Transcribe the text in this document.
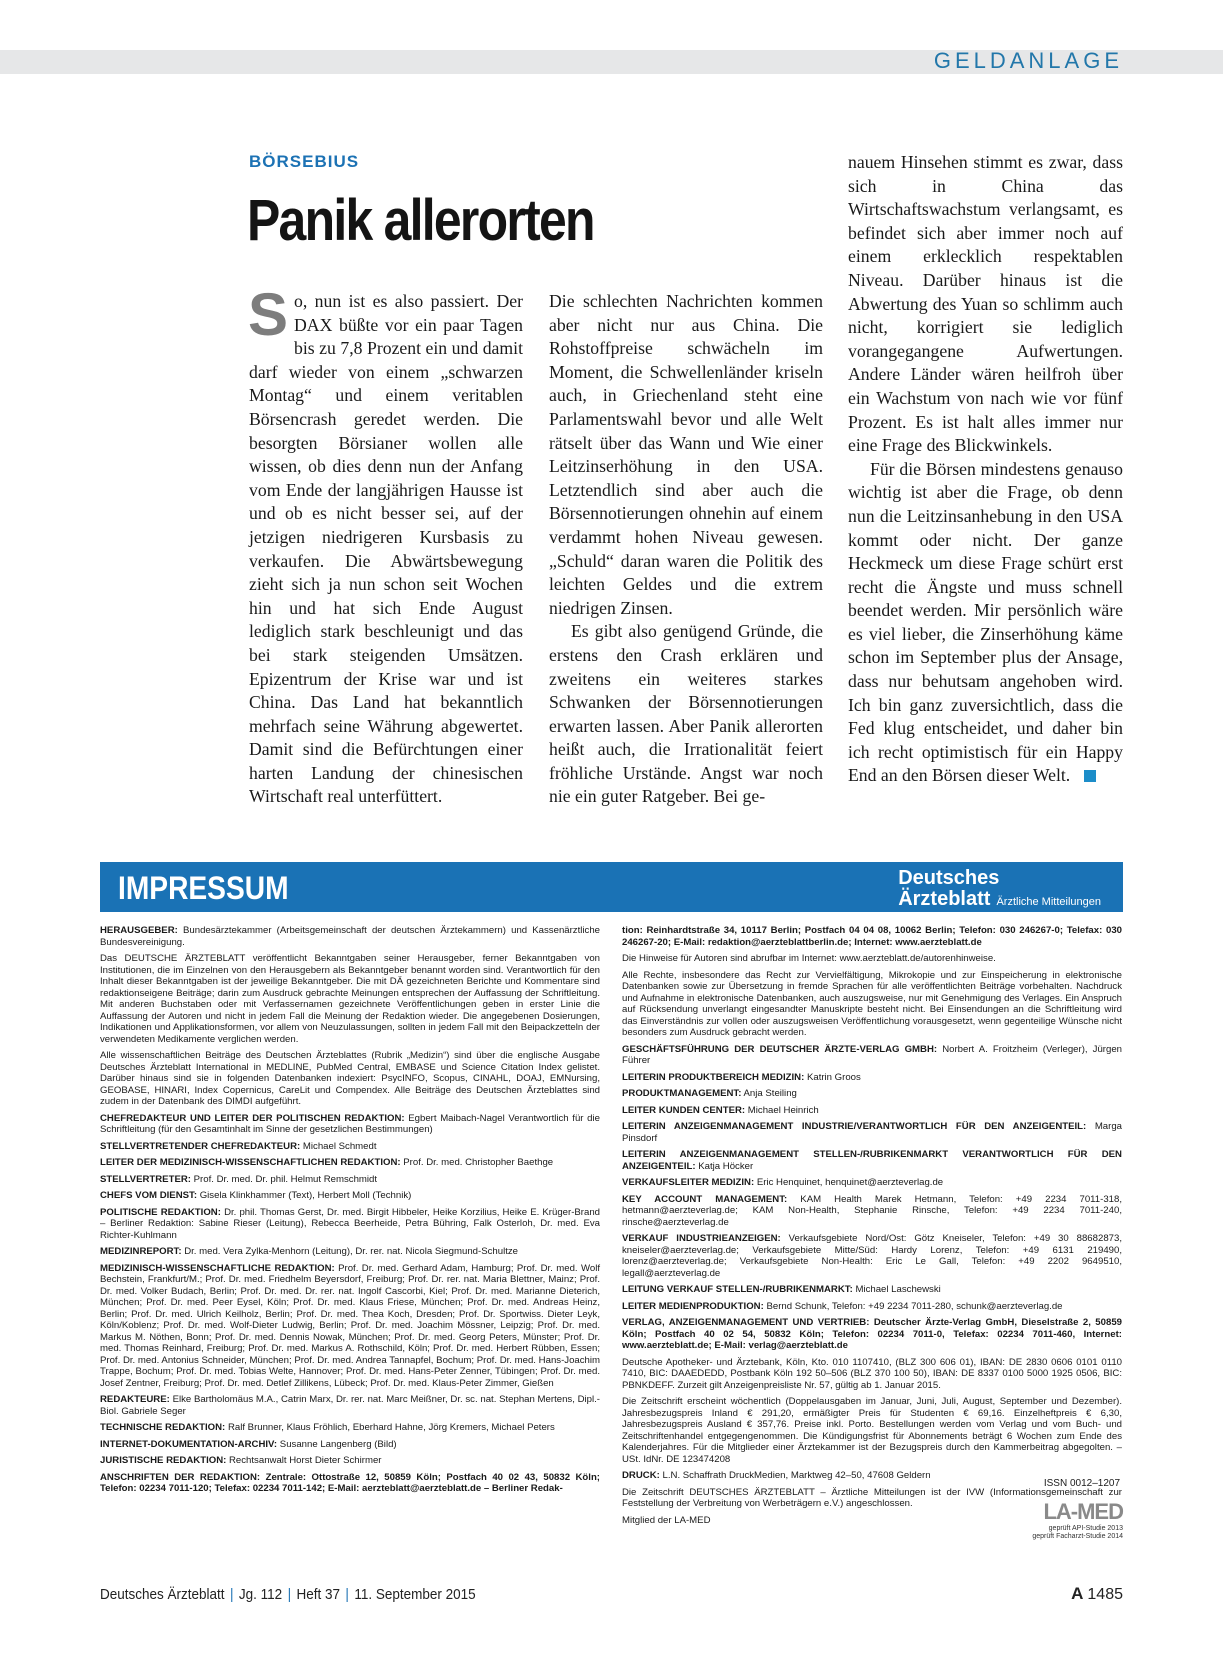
GELDANLAGE
BÖRSEBIUS
Panik allerorten

So, nun ist es also passiert. Der DAX büßte vor ein paar Tagen bis zu 7,8 Prozent ein und damit darf wieder von einem „schwarzen Montag“ und einem veritablen Börsencrash geredet werden. Die besorgten Börsianer wollen alle wissen, ob dies denn nun der Anfang vom Ende der langjährigen Hausse ist und ob es nicht besser sei, auf der jetzigen niedrigeren Kursbasis zu verkaufen. Die Abwärtsbewegung zieht sich ja nun schon seit Wochen hin und hat sich Ende August lediglich stark beschleunigt und das bei stark steigenden Umsätzen. Epizentrum der Krise war und ist China. Das Land hat bekanntlich mehrfach seine Währung abgewertet. Damit sind die Befürchtungen einer harten Landung der chinesischen Wirtschaft real unterfüttert.

Die schlechten Nachrichten kommen aber nicht nur aus China. Die Rohstoffpreise schwächeln im Moment, die Schwellenländer kriseln auch, in Griechenland steht eine Parlamentswahl bevor und alle Welt rätselt über das Wann und Wie einer Leitzinserhöhung in den USA. Letztendlich sind aber auch die Börsennotierungen ohnehin auf einem verdammt hohen Niveau gewesen. „Schuld“ daran waren die Politik des leichten Geldes und die extrem niedrigen Zinsen.

Es gibt also genügend Gründe, die erstens den Crash erklären und zweitens ein weiteres starkes Schwanken der Börsennotierungen erwarten lassen. Aber Panik allerorten heißt auch, die Irrationalität feiert fröhliche Urstände. Angst war noch nie ein guter Ratgeber. Bei ge-

nauem Hinsehen stimmt es zwar, dass sich in China das Wirtschaftswachstum verlangsamt, es befindet sich aber immer noch auf einem erklecklich respektablen Niveau. Darüber hinaus ist die Abwertung des Yuan so schlimm auch nicht, korrigiert sie lediglich vorangegangene Aufwertungen. Andere Länder wären heilfroh über ein Wachstum von nach wie vor fünf Prozent. Es ist halt alles immer nur eine Frage des Blickwinkels.

Für die Börsen mindestens genauso wichtig ist aber die Frage, ob denn nun die Leitzinsanhebung in den USA kommt oder nicht. Der ganze Heckmeck um diese Frage schürt erst recht die Ängste und muss schnell beendet werden. Mir persönlich wäre es viel lieber, die Zinserhöhung käme schon im September plus der Ansage, dass nur behutsam angehoben wird. Ich bin ganz zuversichtlich, dass die Fed klug entscheidet, und daher bin ich recht optimistisch für ein Happy End an den Börsen dieser Welt.

IMPRESSUM	Deutsches
Ärzteblatt Ärztliche Mitteilungen

HERAUSGEBER: Bundesärztekammer (Arbeitsgemeinschaft der deutschen Ärztekammern) und Kassenärztliche Bundesvereinigung.

Das DEUTSCHE ÄRZTEBLATT veröffentlicht Bekanntgaben seiner Herausgeber, ferner Bekanntgaben von Institutionen, die im Einzelnen von den Herausgebern als Bekanntgeber benannt worden sind. Verantwortlich für den Inhalt dieser Bekanntgaben ist der jeweilige Bekanntgeber. Die mit DÄ gezeichneten Berichte und Kommentare sind redaktionseigene Beiträge; darin zum Ausdruck gebrachte Meinungen entsprechen der Auffassung der Schriftleitung. Mit anderen Buchstaben oder mit Verfassernamen gezeichnete Veröffentlichungen geben in erster Linie die Auffassung der Autoren und nicht in jedem Fall die Meinung der Redaktion wieder. Die angegebenen Dosierungen, Indikationen und Applikationsformen, vor allem von Neuzulassungen, sollten in jedem Fall mit den Beipackzetteln der verwendeten Medikamente verglichen werden.

Alle wissenschaftlichen Beiträge des Deutschen Ärzteblattes (Rubrik „Medizin“) sind über die englische Ausgabe Deutsches Ärzteblatt International in MEDLINE, PubMed Central, EMBASE und Science Citation Index gelistet. Darüber hinaus sind sie in folgenden Datenbanken indexiert: PsycINFO, Scopus, CINAHL, DOAJ, EMNursing, GEOBASE, HINARI, Index Copernicus, CareLit und Compendex. Alle Beiträge des Deutschen Ärzteblattes sind zudem in der Datenbank des DIMDI aufgeführt.

CHEFREDAKTEUR UND LEITER DER POLITISCHEN REDAKTION: Egbert Maibach-Nagel Verantwortlich für die Schriftleitung (für den Gesamtinhalt im Sinne der gesetzlichen Bestimmungen)

STELLVERTRETENDER CHEFREDAKTEUR: Michael Schmedt

LEITER DER MEDIZINISCH-WISSENSCHAFTLICHEN REDAKTION: Prof. Dr. med. Christopher Baethge

STELLVERTRETER: Prof. Dr. med. Dr. phil. Helmut Remschmidt

CHEFS VOM DIENST: Gisela Klinkhammer (Text), Herbert Moll (Technik)

POLITISCHE REDAKTION: Dr. phil. Thomas Gerst, Dr. med. Birgit Hibbeler, Heike Korzilius, Heike E. Krüger-Brand – Berliner Redaktion: Sabine Rieser (Leitung), Rebecca Beerheide, Petra Bühring, Falk Osterloh, Dr. med. Eva Richter-Kuhlmann

MEDIZINREPORT: Dr. med. Vera Zylka-Menhorn (Leitung), Dr. rer. nat. Nicola Siegmund-Schultze

MEDIZINISCH-WISSENSCHAFTLICHE REDAKTION: Prof. Dr. med. Gerhard Adam, Hamburg; Prof. Dr. med. Wolf Bechstein, Frankfurt/M.; Prof. Dr. med. Friedhelm Beyersdorf, Freiburg; Prof. Dr. rer. nat. Maria Blettner, Mainz; Prof. Dr. med. Volker Budach, Berlin; Prof. Dr. med. Dr. rer. nat. Ingolf Cascorbi, Kiel; Prof. Dr. med. Marianne Dieterich, München; Prof. Dr. med. Peer Eysel, Köln; Prof. Dr. med. Klaus Friese, München; Prof. Dr. med. Andreas Heinz, Berlin; Prof. Dr. med. Ulrich Keilholz, Berlin; Prof. Dr. med. Thea Koch, Dresden; Prof. Dr. Sportwiss. Dieter Leyk, Köln/Koblenz; Prof. Dr. med. Wolf-Dieter Ludwig, Berlin; Prof. Dr. med. Joachim Mössner, Leipzig; Prof. Dr. med. Markus M. Nöthen, Bonn; Prof. Dr. med. Dennis Nowak, München; Prof. Dr. med. Georg Peters, Münster; Prof. Dr. med. Thomas Reinhard, Freiburg; Prof. Dr. med. Markus A. Rothschild, Köln; Prof. Dr. med. Herbert Rübben, Essen; Prof. Dr. med. Antonius Schneider, München; Prof. Dr. med. Andrea Tannapfel, Bochum; Prof. Dr. med. Hans-Joachim Trappe, Bochum; Prof. Dr. med. Tobias Welte, Hannover; Prof. Dr. med. Hans-Peter Zenner, Tübingen; Prof. Dr. med. Josef Zentner, Freiburg; Prof. Dr. med. Detlef Zillikens, Lübeck; Prof. Dr. med. Klaus-Peter Zimmer, Gießen

REDAKTEURE: Elke Bartholomäus M.A., Catrin Marx, Dr. rer. nat. Marc Meißner, Dr. sc. nat. Stephan Mertens, Dipl.-Biol. Gabriele Seger

TECHNISCHE REDAKTION: Ralf Brunner, Klaus Fröhlich, Eberhard Hahne, Jörg Kremers, Michael Peters

INTERNET-DOKUMENTATION-ARCHIV: Susanne Langenberg (Bild)

JURISTISCHE REDAKTION: Rechtsanwalt Horst Dieter Schirmer

ANSCHRIFTEN DER REDAKTION: Zentrale: Ottostraße 12, 50859 Köln; Postfach 40 02 43, 50832 Köln; Telefon: 02234 7011-120; Telefax: 02234 7011-142; E-Mail: aerzteblatt@aerzteblatt.de – Berliner Redak-

tion: Reinhardtstraße 34, 10117 Berlin; Postfach 04 04 08, 10062 Berlin; Telefon: 030 246267-0; Telefax: 030 246267-20; E-Mail: redaktion@aerzteblattberlin.de; Internet: www.aerzteblatt.de

Die Hinweise für Autoren sind abrufbar im Internet: www.aerzteblatt.de/autorenhinweise.

Alle Rechte, insbesondere das Recht zur Vervielfältigung, Mikrokopie und zur Einspeicherung in elektronische Datenbanken sowie zur Übersetzung in fremde Sprachen für alle veröffentlichten Beiträge vorbehalten. Nachdruck und Aufnahme in elektronische Datenbanken, auch auszugsweise, nur mit Genehmigung des Verlages. Ein Anspruch auf Rücksendung unverlangt eingesandter Manuskripte besteht nicht. Bei Einsendungen an die Schriftleitung wird das Einverständnis zur vollen oder auszugsweisen Veröffentlichung vorausgesetzt, wenn gegenteilige Wünsche nicht besonders zum Ausdruck gebracht werden.

GESCHÄFTSFÜHRUNG DER DEUTSCHER ÄRZTE-VERLAG GMBH: Norbert A. Froitzheim (Verleger), Jürgen Führer

LEITERIN PRODUKTBEREICH MEDIZIN: Katrin Groos

PRODUKTMANAGEMENT: Anja Steiling

LEITER KUNDEN CENTER: Michael Heinrich

LEITERIN ANZEIGENMANAGEMENT INDUSTRIE/VERANTWORTLICH FÜR DEN ANZEIGENTEIL: Marga Pinsdorf

LEITERIN ANZEIGENMANAGEMENT STELLEN-/RUBRIKENMARKT VERANTWORTLICH FÜR DEN ANZEIGENTEIL: Katja Höcker

VERKAUFSLEITER MEDIZIN: Eric Henquinet, henquinet@aerzteverlag.de

KEY ACCOUNT MANAGEMENT: KAM Health Marek Hetmann, Telefon: +49 2234 7011-318, hetmann@aerzteverlag.de; KAM Non-Health, Stephanie Rinsche, Telefon: +49 2234 7011-240, rinsche@aerzteverlag.de

VERKAUF INDUSTRIEANZEIGEN: Verkaufsgebiete Nord/Ost: Götz Kneiseler, Telefon: +49 30 88682873, kneiseler@aerzteverlag.de; Verkaufsgebiete Mitte/Süd: Hardy Lorenz, Telefon: +49 6131 219490, lorenz@aerzteverlag.de; Verkaufsgebiete Non-Health: Eric Le Gall, Telefon: +49 2202 9649510, legall@aerzteverlag.de

LEITUNG VERKAUF STELLEN-/RUBRIKENMARKT: Michael Laschewski

LEITER MEDIENPRODUKTION: Bernd Schunk, Telefon: +49 2234 7011-280, schunk@aerzteverlag.de

VERLAG, ANZEIGENMANAGEMENT UND VERTRIEB: Deutscher Ärzte-Verlag GmbH, Dieselstraße 2, 50859 Köln; Postfach 40 02 54, 50832 Köln; Telefon: 02234 7011-0, Telefax: 02234 7011-460, Internet: www.aerzteblatt.de; E-Mail: verlag@aerzteblatt.de

Deutsche Apotheker- und Ärztebank, Köln, Kto. 010 1107410, (BLZ 300 606 01), IBAN: DE 2830 0606 0101 0110 7410, BIC: DAAEDEDD, Postbank Köln 192 50–506 (BLZ 370 100 50), IBAN: DE 8337 0100 5000 1925 0506, BIC: PBNKDEFF. Zurzeit gilt Anzeigenpreisliste Nr. 57, gültig ab 1. Januar 2015.

Die Zeitschrift erscheint wöchentlich (Doppelausgaben im Januar, Juni, Juli, August, September und Dezember). Jahresbezugspreis Inland € 291,20, ermäßigter Preis für Studenten € 69,16. Einzelheftpreis € 6,30, Jahresbezugspreis Ausland € 357,76. Preise inkl. Porto. Bestellungen werden vom Verlag und vom Buch- und Zeitschriftenhandel entgegengenommen. Die Kündigungsfrist für Abonnements beträgt 6 Wochen zum Ende des Kalenderjahres. Für die Mitglieder einer Ärztekammer ist der Bezugspreis durch den Kammerbeitrag abgegolten. – USt. IdNr. DE 123474208

DRUCK: L.N. Schaffrath DruckMedien, Marktweg 42–50, 47608 Geldern

Die Zeitschrift DEUTSCHES ÄRZTEBLATT – Ärztliche Mitteilungen ist der IVW (Informationsgemeinschaft zur Feststellung der Verbreitung von Werbeträgern e.V.) angeschlossen.

Mitglied der LA-MED

ISSN 0012–1207
LA-MED
geprüft API-Studie 2013
geprüft Facharzt-Studie 2014
Deutsches Ärzteblatt | Jg. 112 | Heft 37 | 11. September 2015	A 1485
